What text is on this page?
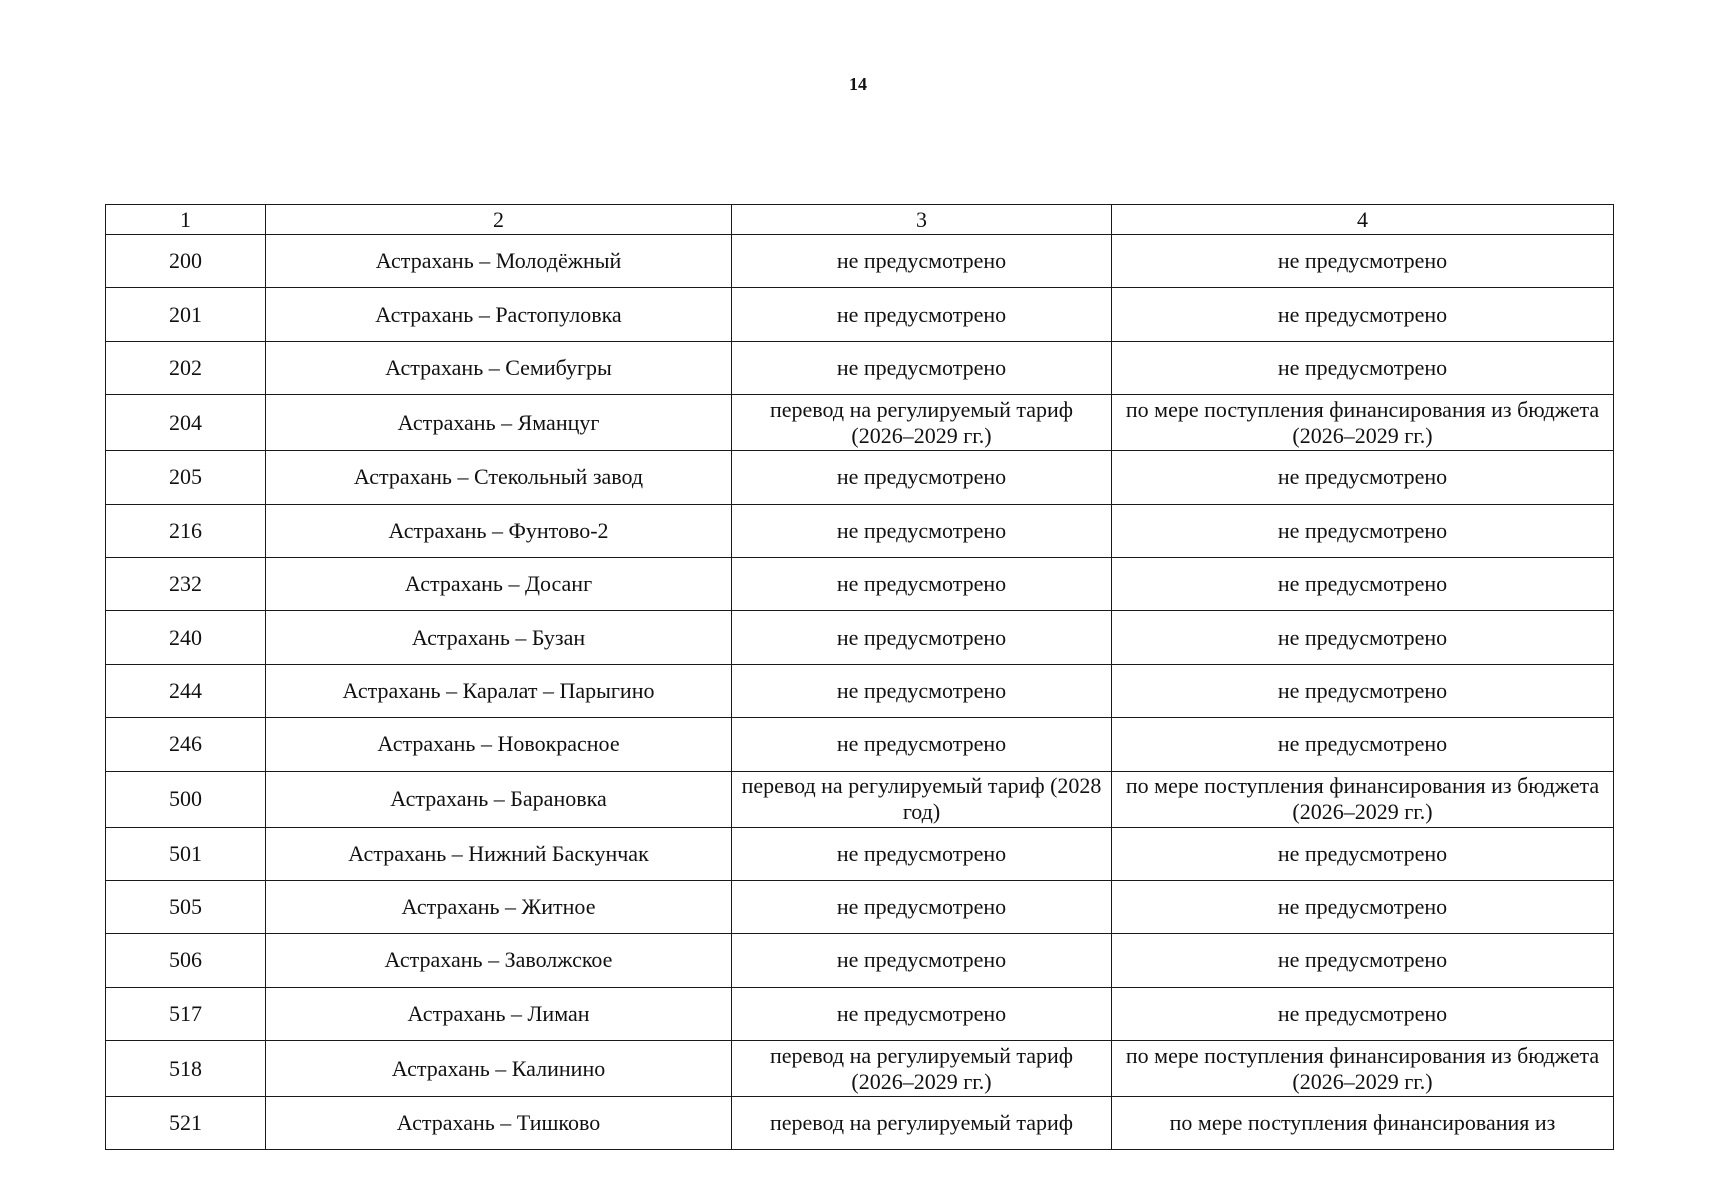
14
1	2	3	4
200	Астрахань – Молодёжный	не предусмотрено	не предусмотрено
201	Астрахань – Растопуловка	не предусмотрено	не предусмотрено
202	Астрахань – Семибугры	не предусмотрено	не предусмотрено
204	Астрахань – Яманцуг	перевод на регулируемый тариф (2026–2029 гг.)	по мере поступления финансирования из бюджета (2026–2029 гг.)
205	Астрахань – Стекольный завод	не предусмотрено	не предусмотрено
216	Астрахань – Фунтово-2	не предусмотрено	не предусмотрено
232	Астрахань – Досанг	не предусмотрено	не предусмотрено
240	Астрахань – Бузан	не предусмотрено	не предусмотрено
244	Астрахань – Каралат – Парыгино	не предусмотрено	не предусмотрено
246	Астрахань – Новокрасное	не предусмотрено	не предусмотрено
500	Астрахань – Барановка	перевод на регулируемый тариф (2028 год)	по мере поступления финансирования из бюджета (2026–2029 гг.)
501	Астрахань – Нижний Баскунчак	не предусмотрено	не предусмотрено
505	Астрахань – Житное	не предусмотрено	не предусмотрено
506	Астрахань – Заволжское	не предусмотрено	не предусмотрено
517	Астрахань – Лиман	не предусмотрено	не предусмотрено
518	Астрахань – Калинино	перевод на регулируемый тариф (2026–2029 гг.)	по мере поступления финансирования из бюджета (2026–2029 гг.)
521	Астрахань – Тишково	перевод на регулируемый тариф	по мере поступления финансирования из
